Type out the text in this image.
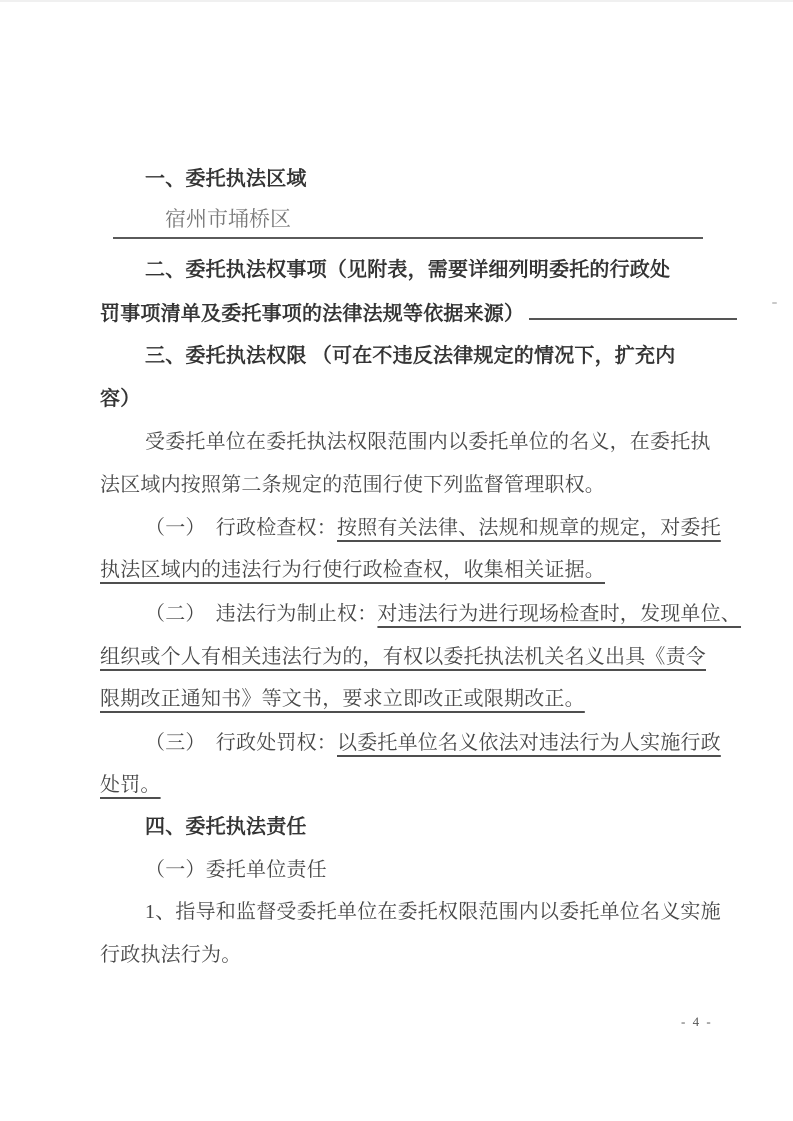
一、委托执法区域
宿州市埇桥区
二、委托执法权事项（见附表，需要详细列明委托的行政处
罚事项清单及委托事项的法律法规等依据来源）
三、委托执法权限 （可在不违反法律规定的情况下，扩充内
容）
受委托单位在委托执法权限范围内以委托单位的名义，在委托执
法区域内按照第二条规定的范围行使下列监督管理职权。
（一）　行政检查权：按照有关法律、法规和规章的规定，对委托
执法区域内的违法行为行使行政检查权，收集相关证据。
（二）　违法行为制止权：对违法行为进行现场检查时，发现单位、
组织或个人有相关违法行为的，有权以委托执法机关名义出具《责令
限期改正通知书》等文书，要求立即改正或限期改正。
（三）　行政处罚权：以委托单位名义依法对违法行为人实施行政
处罚。
四、委托执法责任
（一）委托单位责任
1、指导和监督受委托单位在委托权限范围内以委托单位名义实施
行政执法行为。
- 4 -
